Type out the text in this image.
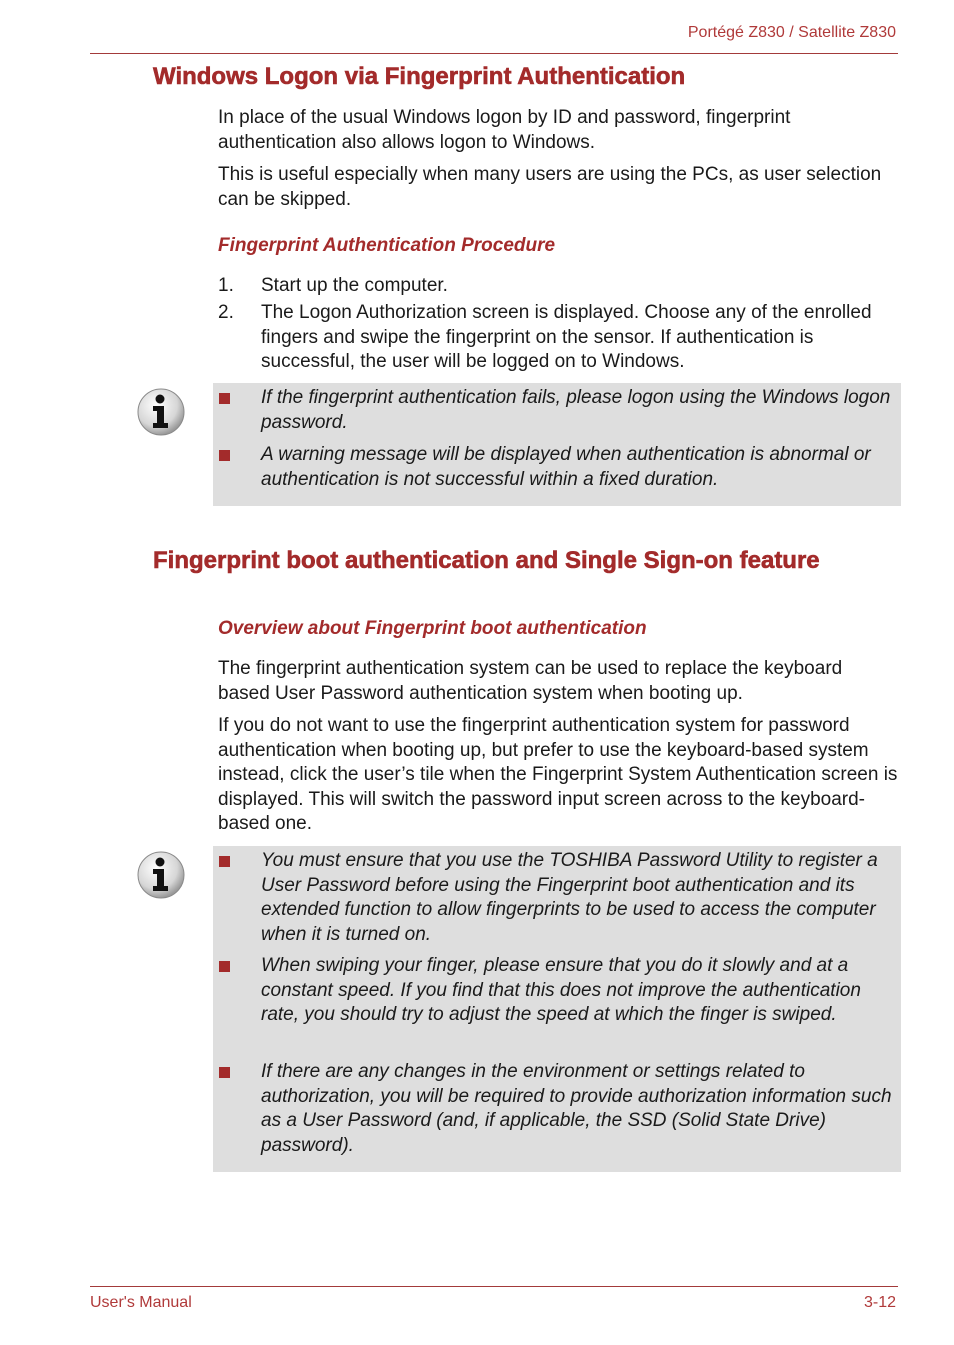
Portégé Z830 / Satellite Z830
Windows Logon via Fingerprint Authentication
In place of the usual Windows logon by ID and password, fingerprint authentication also allows logon to Windows.
This is useful especially when many users are using the PCs, as user selection can be skipped.
Fingerprint Authentication Procedure
1. Start up the computer.
2. The Logon Authorization screen is displayed. Choose any of the enrolled fingers and swipe the fingerprint on the sensor. If authentication is successful, the user will be logged on to Windows.
If the fingerprint authentication fails, please logon using the Windows logon password.
A warning message will be displayed when authentication is abnormal or authentication is not successful within a fixed duration.
Fingerprint boot authentication and Single Sign-on feature
Overview about Fingerprint boot authentication
The fingerprint authentication system can be used to replace the keyboard based User Password authentication system when booting up.
If you do not want to use the fingerprint authentication system for password authentication when booting up, but prefer to use the keyboard-based system instead, click the user’s tile when the Fingerprint System Authentication screen is displayed. This will switch the password input screen across to the keyboard-based one.
You must ensure that you use the TOSHIBA Password Utility to register a User Password before using the Fingerprint boot authentication and its extended function to allow fingerprints to be used to access the computer when it is turned on.
When swiping your finger, please ensure that you do it slowly and at a constant speed. If you find that this does not improve the authentication rate, you should try to adjust the speed at which the finger is swiped.
If there are any changes in the environment or settings related to authorization, you will be required to provide authorization information such as a User Password (and, if applicable, the SSD (Solid State Drive) password).
User's Manual	3-12
